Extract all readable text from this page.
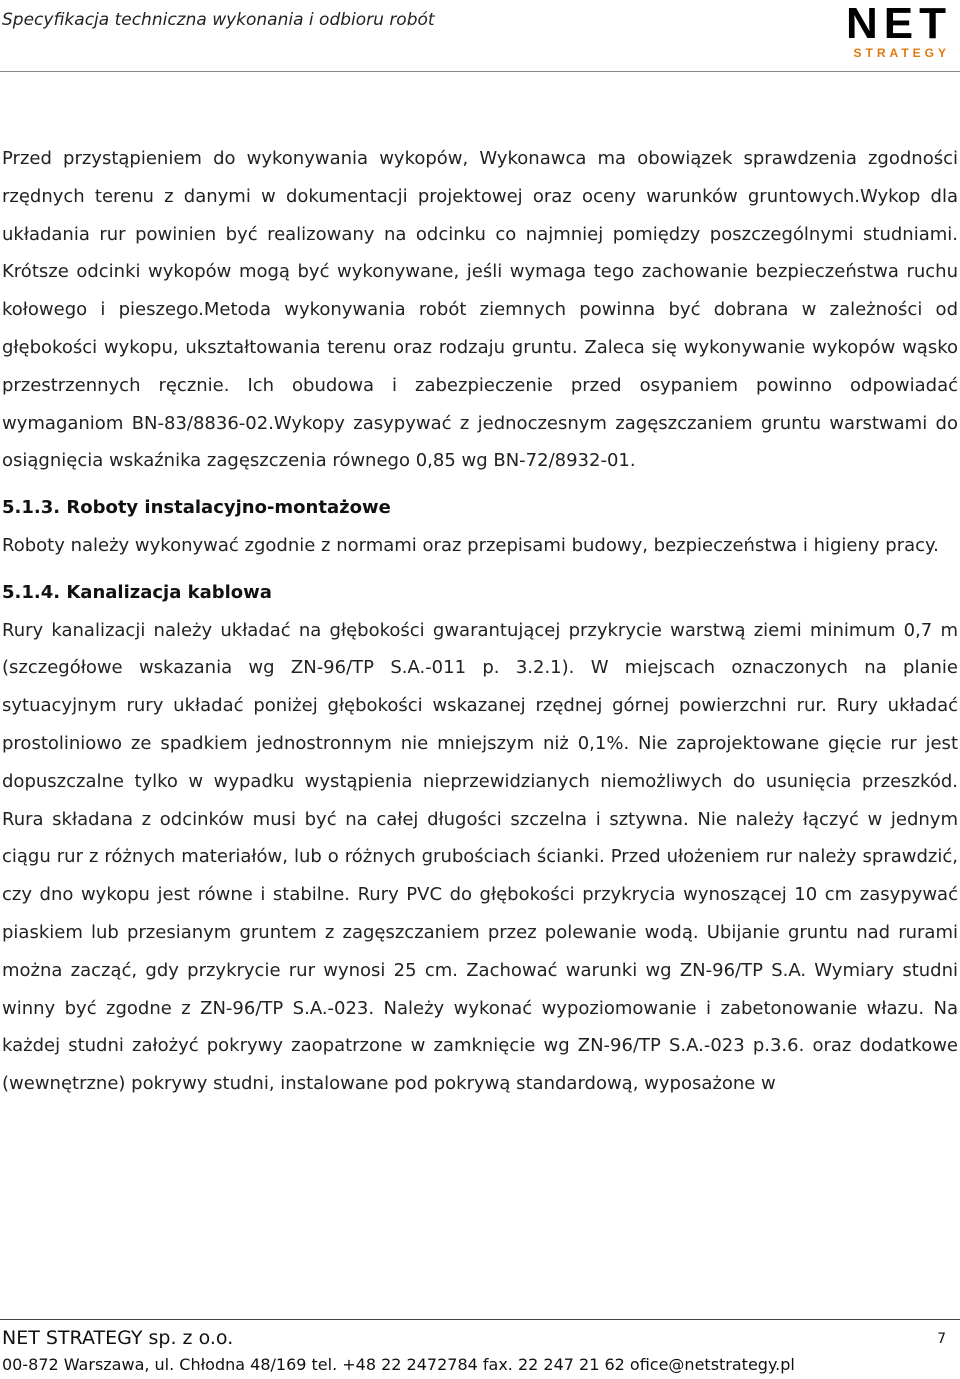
Specyfikacja techniczna wykonania i odbioru robót	NET
STRATEGY

Przed przystąpieniem do wykonywania wykopów, Wykonawca ma obowiązek sprawdzenia zgodności rzędnych terenu z danymi w dokumentacji projektowej oraz oceny warunków gruntowych.Wykop dla układania rur powinien być realizowany na odcinku co najmniej pomiędzy poszczególnymi studniami. Krótsze odcinki wykopów mogą być wykonywane, jeśli wymaga tego zachowanie bezpieczeństwa ruchu kołowego i pieszego.Metoda wykonywania robót ziemnych powinna być dobrana w zależności od głębokości wykopu, ukształtowania terenu oraz rodzaju gruntu. Zaleca się wykonywanie wykopów wąsko przestrzennych ręcznie. Ich obudowa i zabezpieczenie przed osypaniem powinno odpowiadać wymaganiom BN-83/8836-02.Wykopy zasypywać z jednoczesnym zagęszczaniem gruntu warstwami do osiągnięcia wskaźnika zagęszczenia równego 0,85 wg BN-72/8932-01.

5.1.3. Roboty instalacyjno-montażowe

Roboty należy wykonywać zgodnie z normami oraz przepisami budowy, bezpieczeństwa i higieny pracy.

5.1.4. Kanalizacja kablowa

Rury kanalizacji należy układać na głębokości gwarantującej przykrycie warstwą ziemi minimum 0,7 m (szczegółowe wskazania wg ZN-96/TP S.A.-011 p. 3.2.1). W miejscach oznaczonych na planie sytuacyjnym rury układać poniżej głębokości wskazanej rzędnej górnej powierzchni rur. Rury układać prostoliniowo ze spadkiem jednostronnym nie mniejszym niż 0,1%. Nie zaprojektowane gięcie rur jest dopuszczalne tylko w wypadku wystąpienia nieprzewidzianych niemożliwych do usunięcia przeszkód. Rura składana z odcinków musi być na całej długości szczelna i sztywna. Nie należy łączyć w jednym ciągu rur z różnych materiałów, lub o różnych grubościach ścianki. Przed ułożeniem rur należy sprawdzić, czy dno wykopu jest równe i stabilne. Rury PVC do głębokości przykrycia wynoszącej 10 cm zasypywać piaskiem lub przesianym gruntem z zagęszczaniem przez polewanie wodą. Ubijanie gruntu nad rurami można zacząć, gdy przykrycie rur wynosi 25 cm. Zachować warunki wg ZN-96/TP S.A. Wymiary studni winny być zgodne z ZN-96/TP S.A.-023. Należy wykonać wypoziomowanie i zabetonowanie włazu. Na każdej studni założyć pokrywy zaopatrzone w zamknięcie wg ZN-96/TP S.A.-023 p.3.6. oraz dodatkowe (wewnętrzne) pokrywy studni, instalowane pod pokrywą standardową, wyposażone w

NET STRATEGY sp. z o.o.	7
00-872 Warszawa, ul. Chłodna 48/169 tel. +48 22 2472784 fax. 22 247 21 62 ofice@netstrategy.pl
